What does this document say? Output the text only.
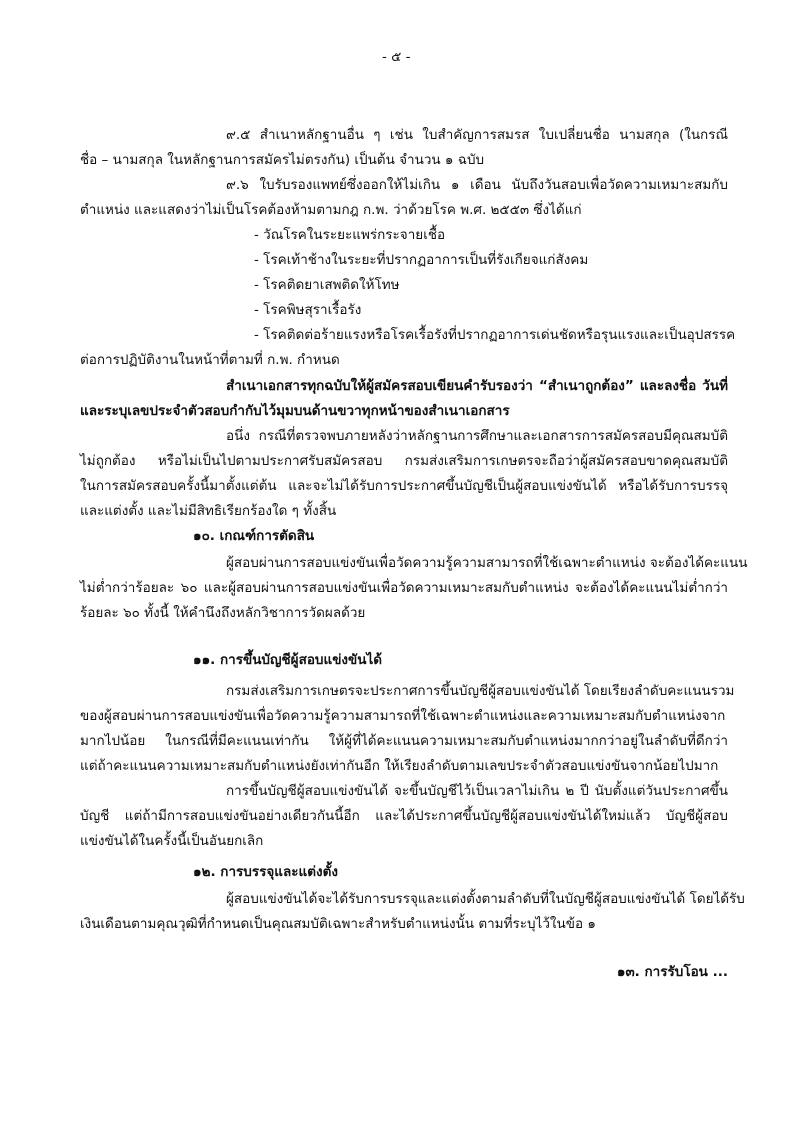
- ๕ -
๙.๕ สำเนาหลักฐานอื่น ๆ เช่น ใบสำคัญการสมรส ใบเปลี่ยนชื่อ นามสกุล (ในกรณี
ชื่อ – นามสกุล ในหลักฐานการสมัครไม่ตรงกัน) เป็นต้น จำนวน ๑ ฉบับ
๙.๖ ใบรับรองแพทย์ซึ่งออกให้ไม่เกิน ๑ เดือน นับถึงวันสอบเพื่อวัดความเหมาะสมกับ
ตำแหน่ง และแสดงว่าไม่เป็นโรคต้องห้ามตามกฎ ก.พ. ว่าด้วยโรค พ.ศ. ๒๕๕๓ ซึ่งได้แก่
- วัณโรคในระยะแพร่กระจายเชื้อ
- โรคเท้าช้างในระยะที่ปรากฏอาการเป็นที่รังเกียจแก่สังคม
- โรคติดยาเสพติดให้โทษ
- โรคพิษสุราเรื้อรัง
- โรคติดต่อร้ายแรงหรือโรคเรื้อรังที่ปรากฏอาการเด่นชัดหรือรุนแรงและเป็นอุปสรรค
ต่อการปฏิบัติงานในหน้าที่ตามที่ ก.พ. กำหนด
สำเนาเอกสารทุกฉบับให้ผู้สมัครสอบเขียนคำรับรองว่า “สำเนาถูกต้อง” และลงชื่อ วันที่
และระบุเลขประจำตัวสอบกำกับไว้มุมบนด้านขวาทุกหน้าของสำเนาเอกสาร
อนึ่ง กรณีที่ตรวจพบภายหลังว่าหลักฐานการศึกษาและเอกสารการสมัครสอบมีคุณสมบัติ
ไม่ถูกต้อง หรือไม่เป็นไปตามประกาศรับสมัครสอบ กรมส่งเสริมการเกษตรจะถือว่าผู้สมัครสอบขาดคุณสมบัติ
ในการสมัครสอบครั้งนี้มาตั้งแต่ต้น และจะไม่ได้รับการประกาศขึ้นบัญชีเป็นผู้สอบแข่งขันได้ หรือได้รับการบรรจุ
และแต่งตั้ง และไม่มีสิทธิเรียกร้องใด ๆ ทั้งสิ้น
๑๐. เกณฑ์การตัดสิน
ผู้สอบผ่านการสอบแข่งขันเพื่อวัดความรู้ความสามารถที่ใช้เฉพาะตำแหน่ง จะต้องได้คะแนน
ไม่ต่ำกว่าร้อยละ ๖๐ และผู้สอบผ่านการสอบแข่งขันเพื่อวัดความเหมาะสมกับตำแหน่ง จะต้องได้คะแนนไม่ต่ำกว่า
ร้อยละ ๖๐ ทั้งนี้ ให้คำนึงถึงหลักวิชาการวัดผลด้วย
๑๑. การขึ้นบัญชีผู้สอบแข่งขันได้
กรมส่งเสริมการเกษตรจะประกาศการขึ้นบัญชีผู้สอบแข่งขันได้ โดยเรียงลำดับคะแนนรวม
ของผู้สอบผ่านการสอบแข่งขันเพื่อวัดความรู้ความสามารถที่ใช้เฉพาะตำแหน่งและความเหมาะสมกับตำแหน่งจาก
มากไปน้อย ในกรณีที่มีคะแนนเท่ากัน ให้ผู้ที่ได้คะแนนความเหมาะสมกับตำแหน่งมากกว่าอยู่ในลำดับที่ดีกว่า
แต่ถ้าคะแนนความเหมาะสมกับตำแหน่งยังเท่ากันอีก ให้เรียงลำดับตามเลขประจำตัวสอบแข่งขันจากน้อยไปมาก
การขึ้นบัญชีผู้สอบแข่งขันได้ จะขึ้นบัญชีไว้เป็นเวลาไม่เกิน ๒ ปี นับตั้งแต่วันประกาศขึ้น
บัญชี แต่ถ้ามีการสอบแข่งขันอย่างเดียวกันนี้อีก และได้ประกาศขึ้นบัญชีผู้สอบแข่งขันได้ใหม่แล้ว บัญชีผู้สอบ
แข่งขันได้ในครั้งนี้เป็นอันยกเลิก
๑๒. การบรรจุและแต่งตั้ง
ผู้สอบแข่งขันได้จะได้รับการบรรจุและแต่งตั้งตามลำดับที่ในบัญชีผู้สอบแข่งขันได้ โดยได้รับ
เงินเดือนตามคุณวุฒิที่กำหนดเป็นคุณสมบัติเฉพาะสำหรับตำแหน่งนั้น ตามที่ระบุไว้ในข้อ ๑
๑๓. การรับโอน ...
